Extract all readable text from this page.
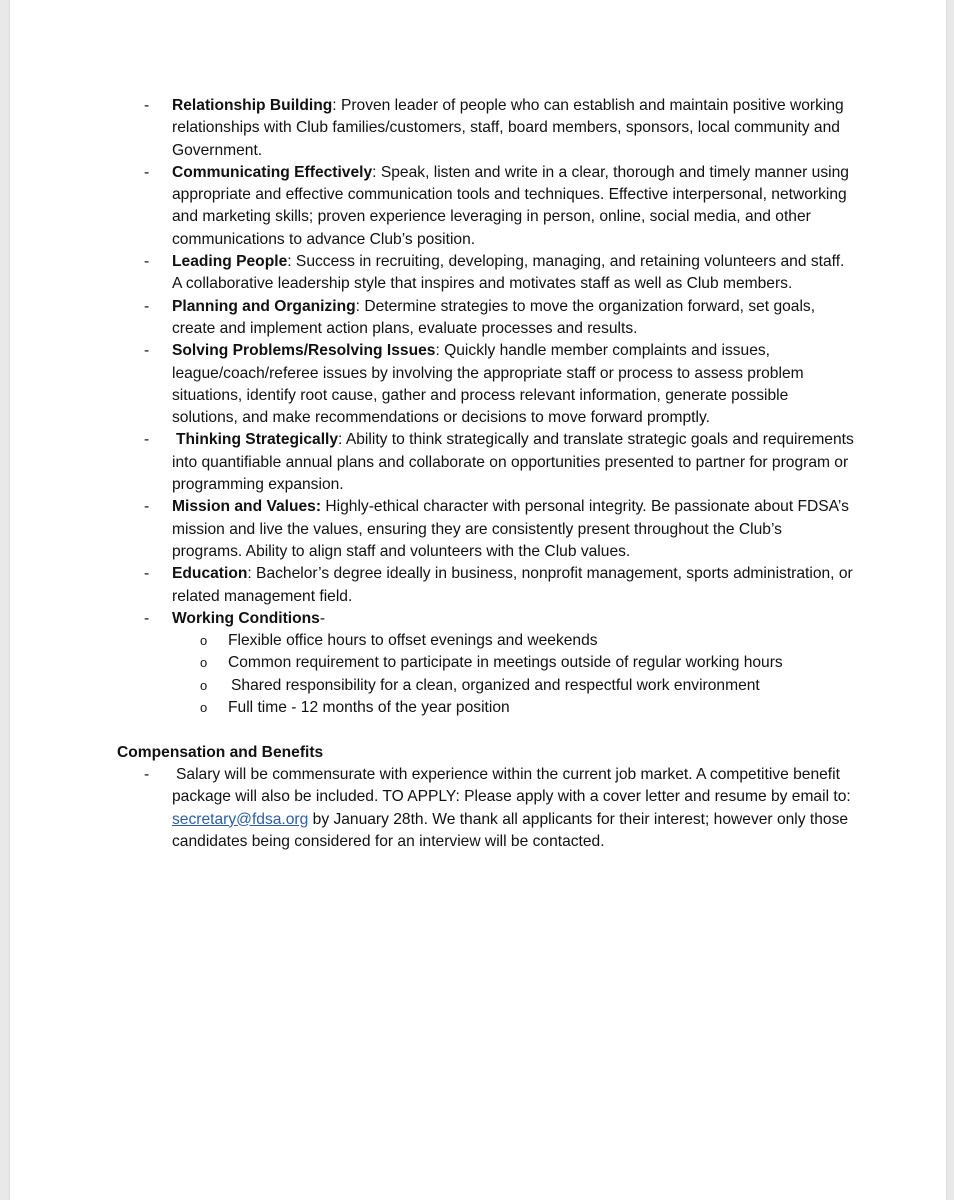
- Relationship Building: Proven leader of people who can establish and maintain positive working relationships with Club families/customers, staff, board members, sponsors, local community and Government.
- Communicating Effectively: Speak, listen and write in a clear, thorough and timely manner using appropriate and effective communication tools and techniques. Effective interpersonal, networking and marketing skills; proven experience leveraging in person, online, social media, and other communications to advance Club’s position.
- Leading People: Success in recruiting, developing, managing, and retaining volunteers and staff. A collaborative leadership style that inspires and motivates staff as well as Club members.
- Planning and Organizing: Determine strategies to move the organization forward, set goals, create and implement action plans, evaluate processes and results.
- Solving Problems/Resolving Issues: Quickly handle member complaints and issues, league/coach/referee issues by involving the appropriate staff or process to assess problem situations, identify root cause, gather and process relevant information, generate possible solutions, and make recommendations or decisions to move forward promptly.
- Thinking Strategically: Ability to think strategically and translate strategic goals and requirements into quantifiable annual plans and collaborate on opportunities presented to partner for program or programming expansion.
- Mission and Values: Highly-ethical character with personal integrity. Be passionate about FDSA’s mission and live the values, ensuring they are consistently present throughout the Club’s programs. Ability to align staff and volunteers with the Club values.
- Education: Bachelor’s degree ideally in business, nonprofit management, sports administration, or related management field.
- Working Conditions-
o Flexible office hours to offset evenings and weekends
o Common requirement to participate in meetings outside of regular working hours
o Shared responsibility for a clean, organized and respectful work environment
o Full time - 12 months of the year position
Compensation and Benefits
- Salary will be commensurate with experience within the current job market. A competitive benefit package will also be included. TO APPLY: Please apply with a cover letter and resume by email to: secretary@fdsa.org by January 28th. We thank all applicants for their interest; however only those candidates being considered for an interview will be contacted.
